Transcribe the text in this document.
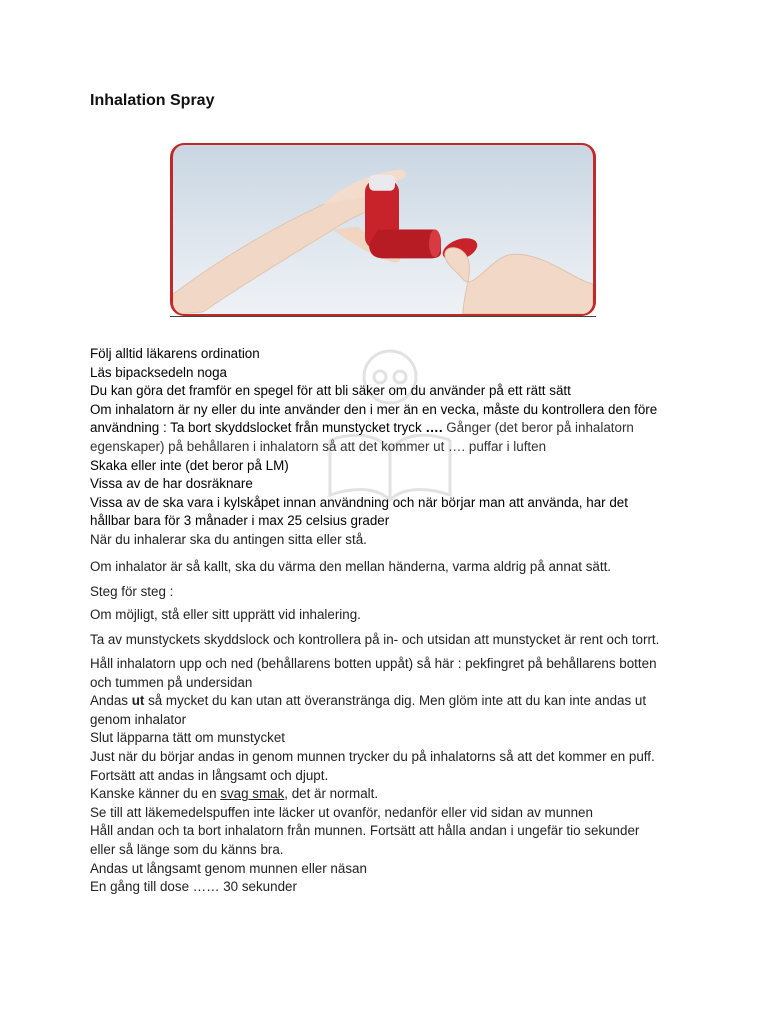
Inhalation Spray

Följ alltid läkarens ordination

Läs bipacksedeln noga

Du kan göra det framför en spegel för att bli säker om du använder på ett rätt sätt

Om inhalatorn är ny eller du inte använder den i mer än en vecka, måste du kontrollera den före

användning : Ta bort skyddslocket från munstycket tryck …. Gånger (det beror på inhalatorn

egenskaper) på behållaren i inhalatorn så att det kommer ut …. puffar i luften

Skaka eller inte (det beror på LM)

Vissa av de har dosräknare

Vissa av de ska vara i kylskåpet innan användning och när börjar man att använda, har det

hållbar bara för 3 månader i max 25 celsius grader

När du inhalerar ska du antingen sitta eller stå.

Om inhalator är så kallt, ska du värma den mellan händerna, varma aldrig på annat sätt.

Steg för steg :

Om möjligt, stå eller sitt upprätt vid inhalering.

Ta av munstyckets skyddslock och kontrollera på in- och utsidan att munstycket är rent och torrt.

Håll inhalatorn upp och ned (behållarens botten uppåt) så här : pekfingret på behållarens botten

och tummen på undersidan

Andas ut så mycket du kan utan att överanstränga dig. Men glöm inte att du kan inte andas ut

genom inhalator

Slut läpparna tätt om munstycket

Just när du börjar andas in genom munnen trycker du på inhalatorns så att det kommer en puff.

Fortsätt att andas in långsamt och djupt.

Kanske känner du en svag smak, det är normalt.

Se till att läkemedelspuffen inte läcker ut ovanför, nedanför eller vid sidan av munnen

Håll andan och ta bort inhalatorn från munnen. Fortsätt att hålla andan i ungefär tio sekunder

eller så länge som du känns bra.

Andas ut långsamt genom munnen eller näsan

En gång till dose …… 30 sekunder
